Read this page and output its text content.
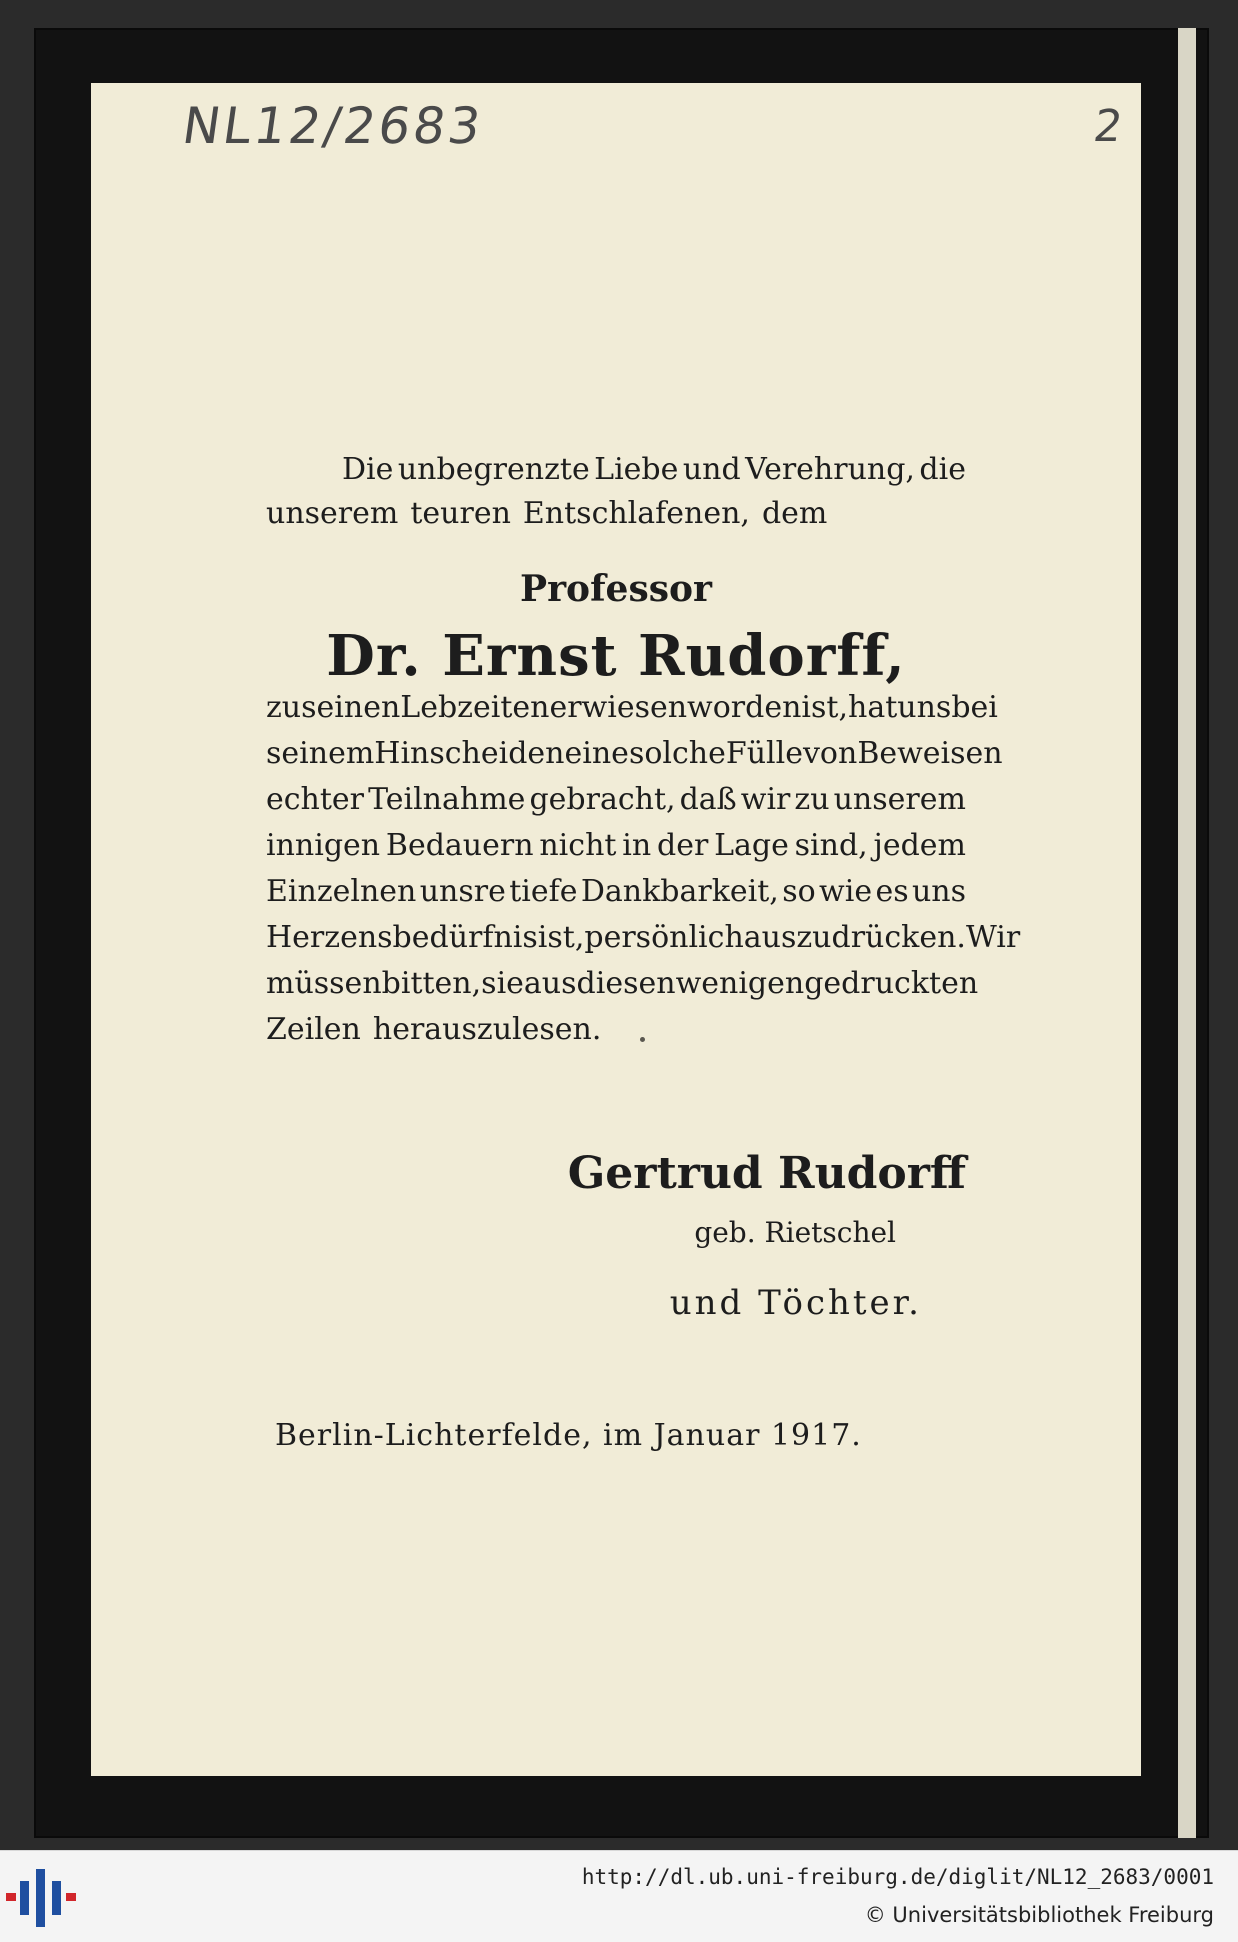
NL12/2683	2
Die unbegrenzte Liebe und Verehrung, die
unserem teuren Entschlafenen, dem
Professor
Dr. Ernst Rudorff,
zu seinen Lebzeiten erwiesen worden ist, hat uns bei
seinem Hinscheiden eine solche Fülle von Beweisen
echter Teilnahme gebracht, daß wir zu unserem
innigen Bedauern nicht in der Lage sind, jedem
Einzelnen unsre tiefe Dankbarkeit, so wie es uns
Herzensbedürfnis ist, persönlich auszudrücken. Wir
müssen bitten, sie aus diesen wenigen gedruckten
Zeilen herauszulesen.
Gertrud Rudorff
geb. Rietschel
und Töchter.
Berlin-Lichterfelde, im Januar 1917.
http://dl.ub.uni-freiburg.de/diglit/NL12_2683/0001
© Universitätsbibliothek Freiburg
